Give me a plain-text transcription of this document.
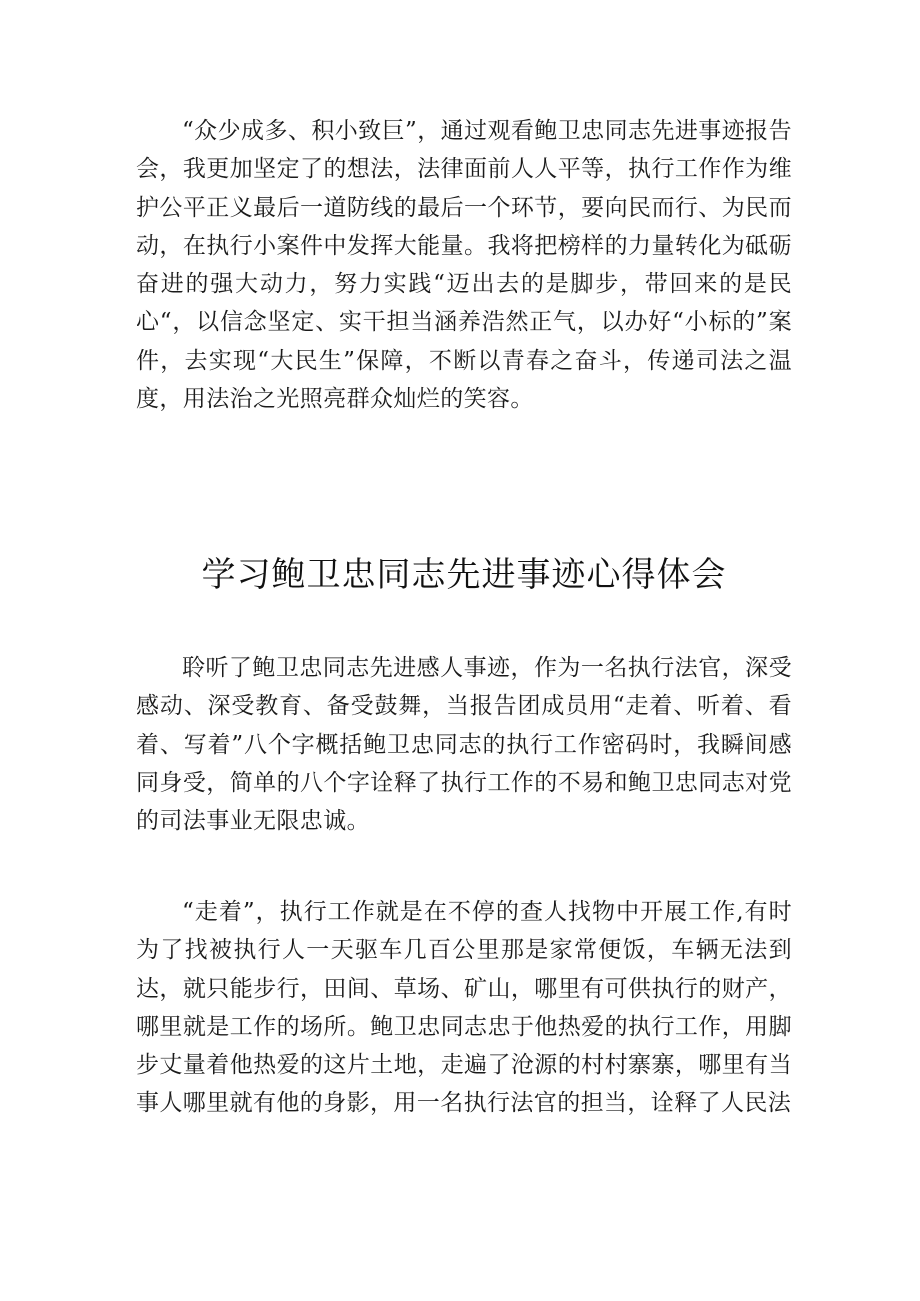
“众少成多、积小致巨”，通过观看鲍卫忠同志先进事迹报告会，我更加坚定了的想法，法律面前人人平等，执行工作作为维护公平正义最后一道防线的最后一个环节，要向民而行、为民而动，在执行小案件中发挥大能量。我将把榜样的力量转化为砥砺奋进的强大动力，努力实践“迈出去的是脚步，带回来的是民心“，以信念坚定、实干担当涵养浩然正气，以办好“小标的”案件，去实现“大民生”保障，不断以青春之奋斗，传递司法之温度，用法治之光照亮群众灿烂的笑容。

学习鲍卫忠同志先进事迹心得体会

聆听了鲍卫忠同志先进感人事迹，作为一名执行法官，深受感动、深受教育、备受鼓舞，当报告团成员用“走着、听着、看着、写着”八个字概括鲍卫忠同志的执行工作密码时，我瞬间感同身受，简单的八个字诠释了执行工作的不易和鲍卫忠同志对党的司法事业无限忠诚。

“走着”，执行工作就是在不停的查人找物中开展工作,有时为了找被执行人一天驱车几百公里那是家常便饭，车辆无法到达，就只能步行，田间、草场、矿山，哪里有可供执行的财产，哪里就是工作的场所。鲍卫忠同志忠于他热爱的执行工作，用脚步丈量着他热爱的这片土地，走遍了沧源的村村寨寨，哪里有当事人哪里就有他的身影，用一名执行法官的担当，诠释了人民法
